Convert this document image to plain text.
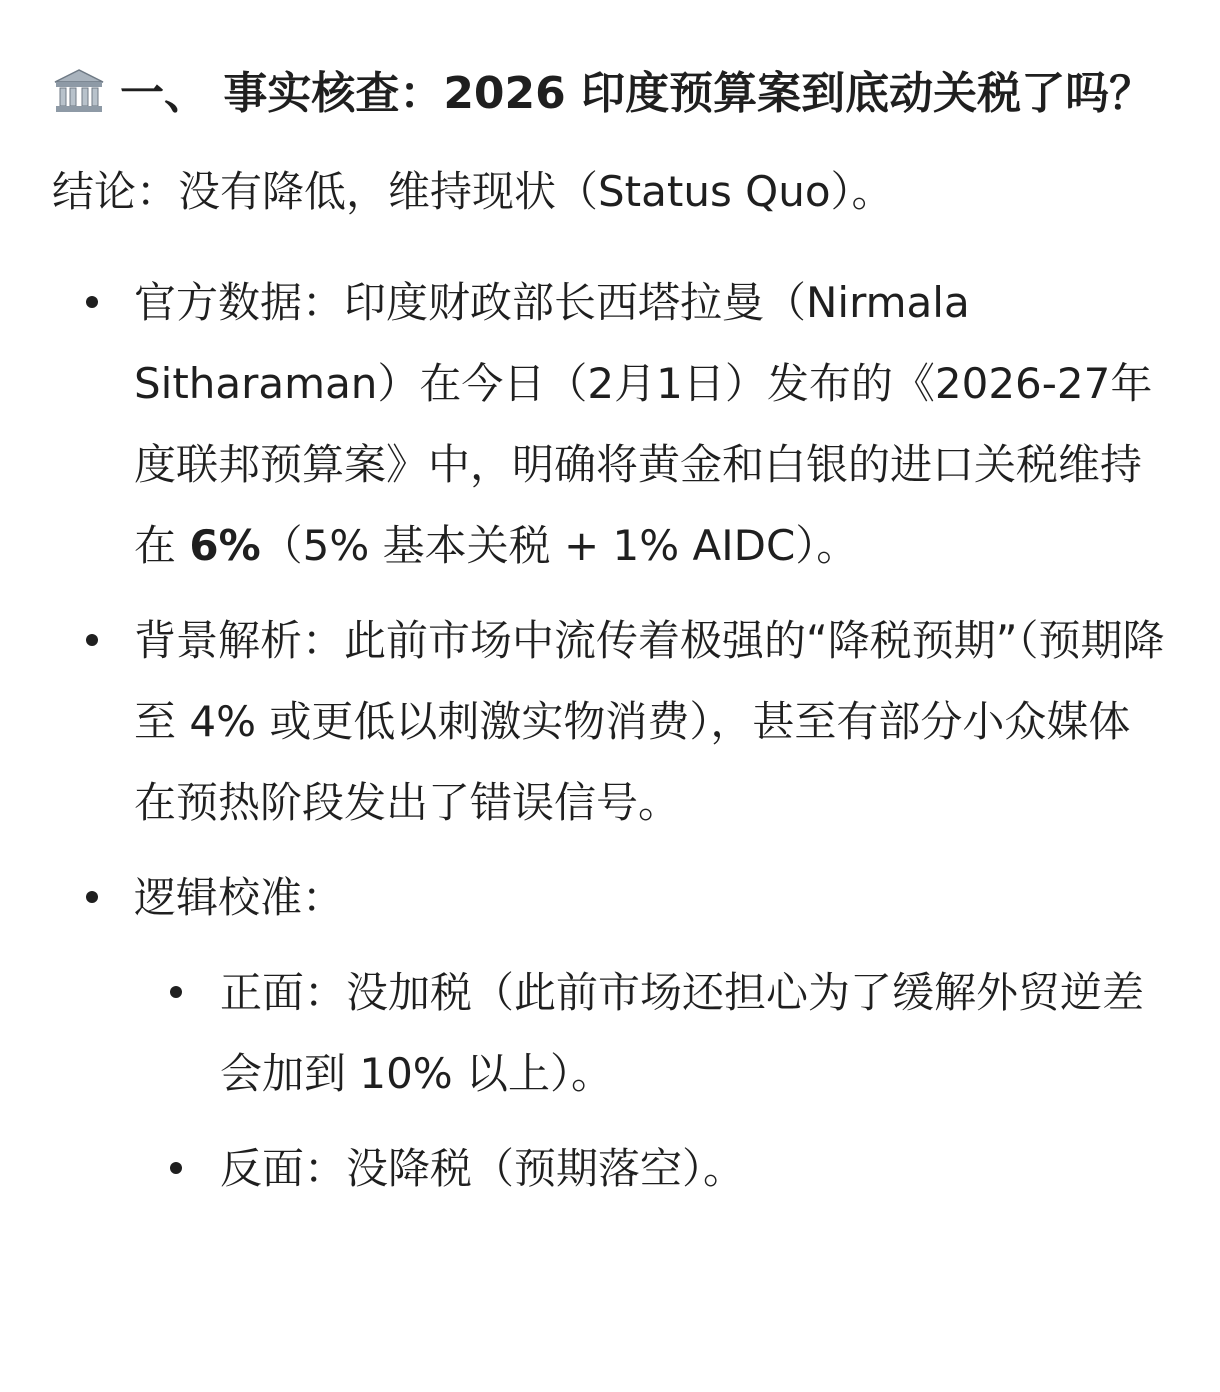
一、 事实核查：2026 印度预算案到底动关税了吗？
结论：没有降低，维持现状（Status Quo）。
官方数据：印度财政部长西塔拉曼（Nirmala Sitharaman）在今日（2月1日）发布的《2026-27年度联邦预算案》中，明确将黄金和白银的进口关税维持在 6%（5% 基本关税 + 1% AIDC）。
背景解析：此前市场中流传着极强的“降税预期”（预期降至 4% 或更低以刺激实物消费），甚至有部分小众媒体在预热阶段发出了错误信号。
逻辑校准：
正面：没加税（此前市场还担心为了缓解外贸逆差会加到 10% 以上）。
反面：没降税（预期落空）。
